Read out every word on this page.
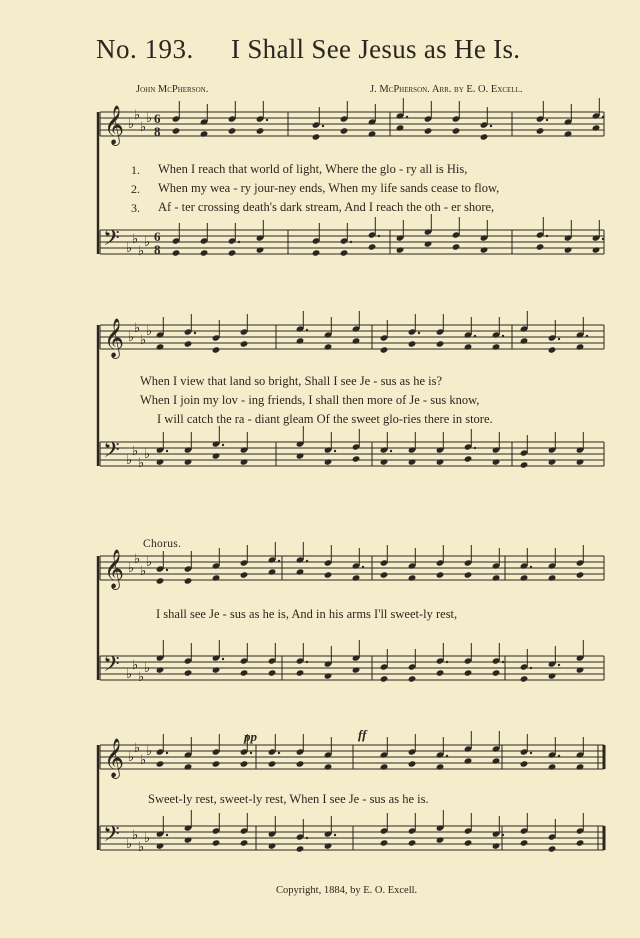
No. 193. I Shall See Jesus as He Is.
John McPherson.	J. McPherson. Arr. by E. O. Excell.
𝄞
𝄢
♭
♭
♭
♭
♭
♭
♭
♭
6
8
6
8
𝄞
𝄢
♭
♭
♭
♭
♭
♭
♭
♭
𝄞
𝄢
♭
♭
♭
♭
♭
♭
♭
♭
𝄞
𝄢
♭
♭
♭
♭
♭
♭
♭
♭
1. When I reach that world of light, Where the glo - ry all is His,
2. When my wea - ry jour-ney ends, When my life sands cease to flow,
3. Af - ter crossing death's dark stream, And I reach the oth - er shore,
When I view that land so bright, Shall I see Je - sus as he is?
When I join my lov - ing friends, I shall then more of Je - sus know,
I will catch the ra - diant gleam Of the sweet glo-ries there in store.
Chorus.
I shall see Je - sus as he is, And in his arms I'll sweet-ly rest,
pp	ff
Sweet-ly rest, sweet-ly rest, When I see Je - sus as he is.
Copyright, 1884, by E. O. Excell.
